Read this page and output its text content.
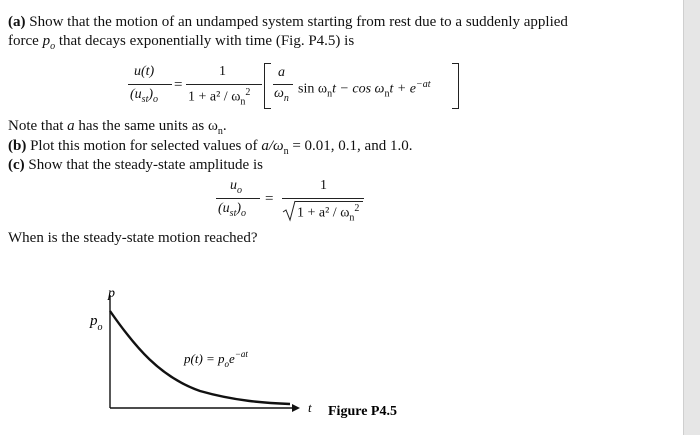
(a) Show that the motion of an undamped system starting from rest due to a suddenly applied
force $p_o$ that decays exponentially with time (Fig. P4.5) is
u(t)
$(u_{st})_o$
=
1
$1 + a^2 / \omega_n^2$
a
$\omega_n$
$\sin \omega_nt - \cos \omega_nt + e^{-at}$
Note that a has the same units as $\omega_n$.
(b) Plot this motion for selected values of $a/\omega_n = 0.01$, 0.1, and 1.0.
(c) Show that the steady-state amplitude is
$u_o$
$(u_{st})_o$
=
1
$1 + a^2 / \omega_n^2$
When is the steady-state motion reached?
p
$p_o$
$p(t) = p_oe^{-at}$
t Figure P4.5
